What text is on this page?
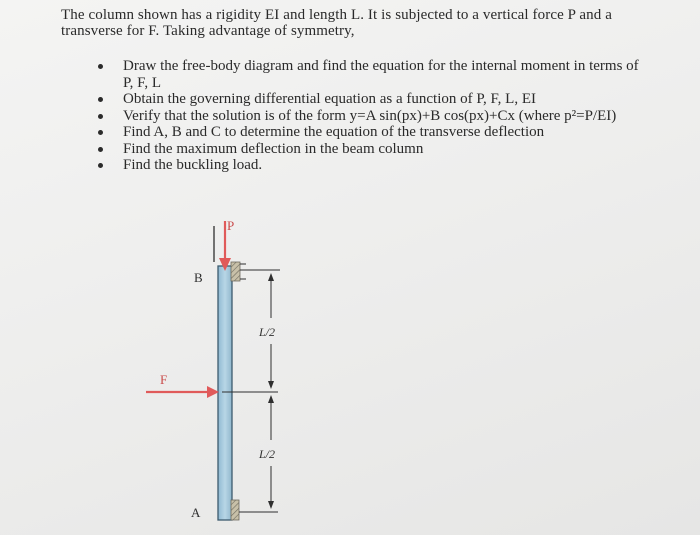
The column shown has a rigidity EI and length L. It is subjected to a vertical force P and a
transverse for F. Taking advantage of symmetry,
Draw the free-body diagram and find the equation for the internal moment in terms of
P, F, L
Obtain the governing differential equation as a function of P, F, L, EI
Verify that the solution is of the form y=A sin(px)+B cos(px)+Cx (where p²=P/EI)
Find A, B and C to determine the equation of the transverse deflection
Find the maximum deflection in the beam column
Find the buckling load.
P
F
B
A
L/2
L/2
